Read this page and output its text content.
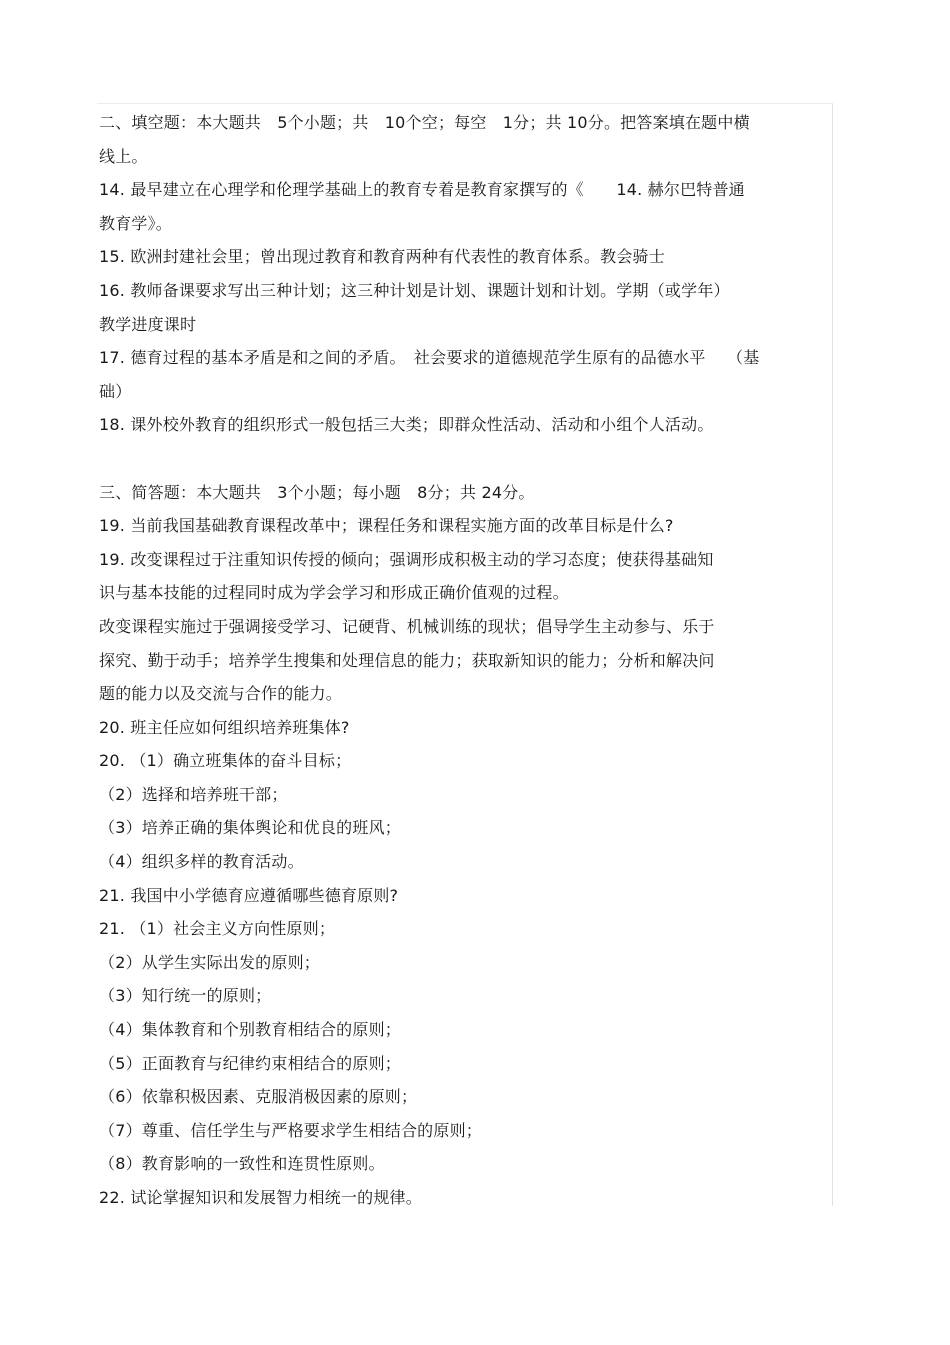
二、填空题：本大题共　5个小题；共　10个空；每空　1分；共 10分。把答案填在题中横
线上。
14. 最早建立在心理学和伦理学基础上的教育专着是教育家撰写的《　　14. 赫尔巴特普通
教育学》。
15. 欧洲封建社会里；曾出现过教育和教育两种有代表性的教育体系。教会骑士
16. 教师备课要求写出三种计划；这三种计划是计划、课题计划和计划。学期（或学年）
教学进度课时
17. 德育过程的基本矛盾是和之间的矛盾。　社会要求的道德规范学生原有的品德水平　 （基
础）
18. 课外校外教育的组织形式一般包括三大类；即群众性活动、活动和小组个人活动。
三、简答题：本大题共　3个小题；每小题　8分；共 24分。
19. 当前我国基础教育课程改革中；课程任务和课程实施方面的改革目标是什么?
19. 改变课程过于注重知识传授的倾向；强调形成积极主动的学习态度；使获得基础知
识与基本技能的过程同时成为学会学习和形成正确价值观的过程。
改变课程实施过于强调接受学习、记硬背、机械训练的现状；倡导学生主动参与、乐于
探究、勤于动手；培养学生搜集和处理信息的能力；获取新知识的能力；分析和解决问
题的能力以及交流与合作的能力。
20. 班主任应如何组织培养班集体?
20. （1）确立班集体的奋斗目标；
（2）选择和培养班干部；
（3）培养正确的集体舆论和优良的班风；
（4）组织多样的教育活动。
21. 我国中小学德育应遵循哪些德育原则?
21. （1）社会主义方向性原则；
（2）从学生实际出发的原则；
（3）知行统一的原则；
（4）集体教育和个别教育相结合的原则；
（5）正面教育与纪律约束相结合的原则；
（6）依靠积极因素、克服消极因素的原则；
（7）尊重、信任学生与严格要求学生相结合的原则；
（8）教育影响的一致性和连贯性原则。
22. 试论掌握知识和发展智力相统一的规律。
